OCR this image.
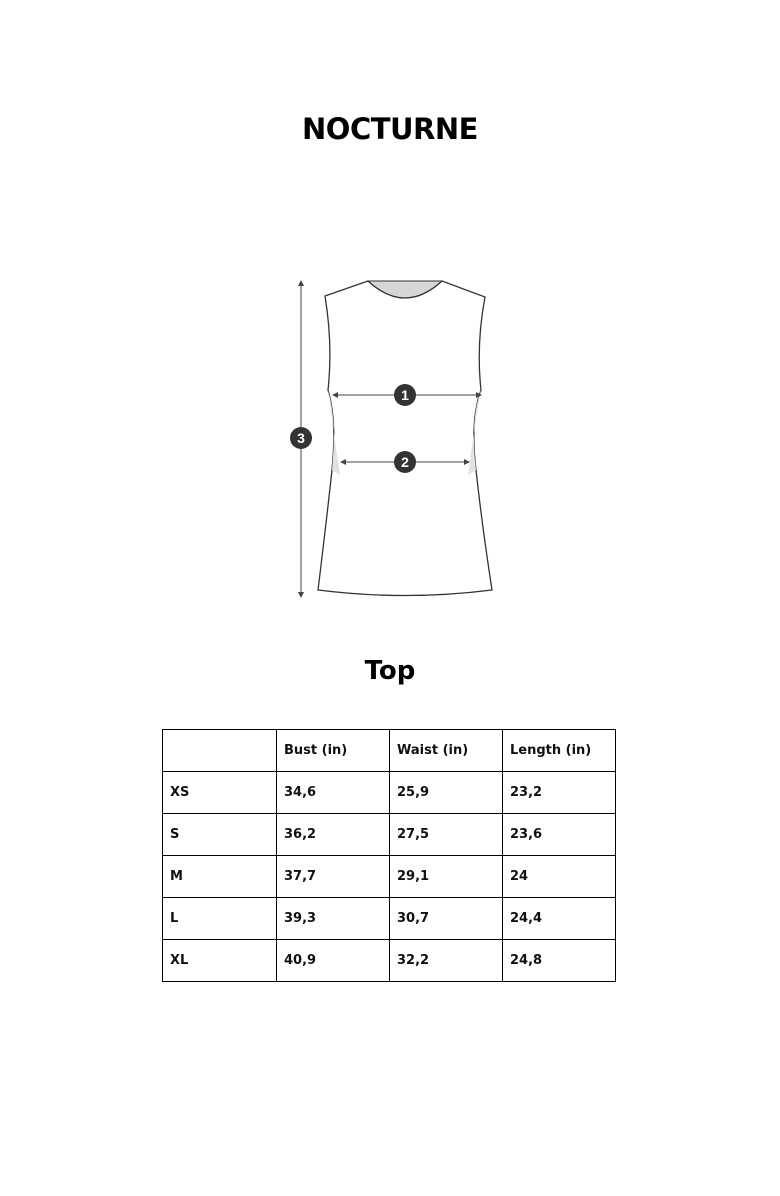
NOCTURNE
1
2
3
Top
	Bust (in)	Waist (in)	Length (in)
XS	34,6	25,9	23,2
S	36,2	27,5	23,6
M	37,7	29,1	24
L	39,3	30,7	24,4
XL	40,9	32,2	24,8
